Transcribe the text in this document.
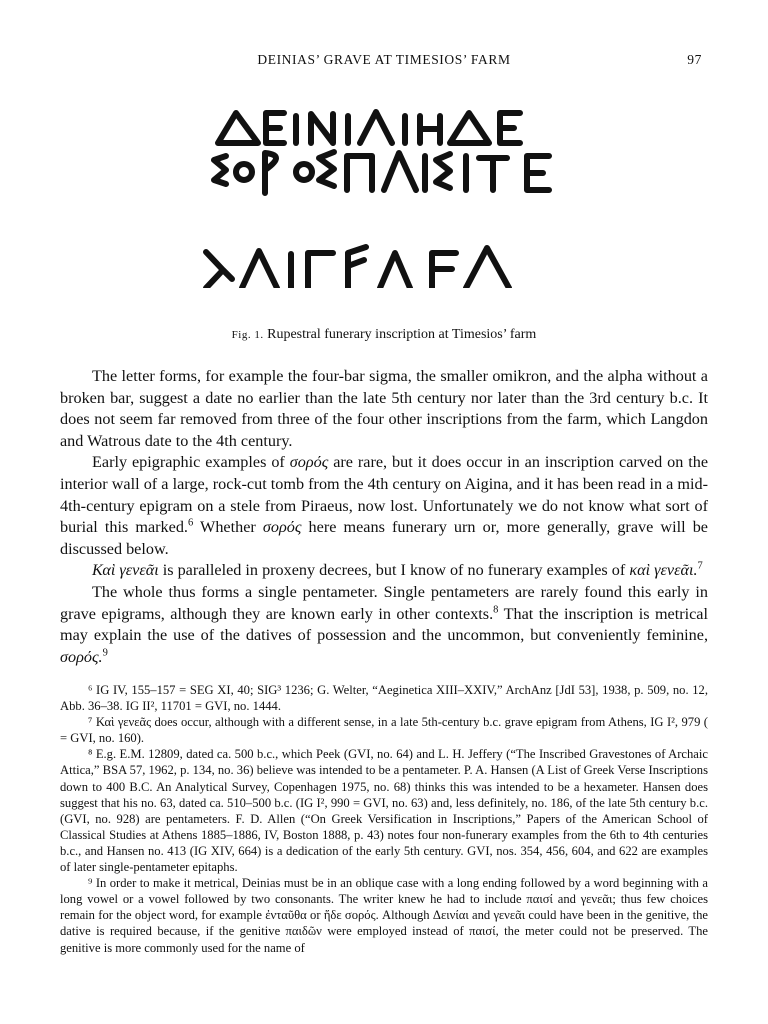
DEINIAS’ GRAVE AT TIMESIOS’ FARM	97
Fig. 1. Rupestral funerary inscription at Timesios’ farm

The letter forms, for example the four-bar sigma, the smaller omikron, and the alpha without a broken bar, suggest a date no earlier than the late 5th century nor later than the 3rd century b.c. It does not seem far removed from three of the four other inscriptions from the farm, which Langdon and Watrous date to the 4th century.

Early epigraphic examples of σορός are rare, but it does occur in an inscription carved on the interior wall of a large, rock-cut tomb from the 4th century on Aigina, and it has been read in a mid-4th-century epigram on a stele from Piraeus, now lost. Unfortunately we do not know what sort of burial this marked.$^6$ Whether σορός here means funerary urn or, more generally, grave will be discussed below.

Καὶ γενεᾶι is paralleled in proxeny decrees, but I know of no funerary examples of καὶ γενεᾶι.$^7$

The whole thus forms a single pentameter. Single pentameters are rarely found this early in grave epigrams, although they are known early in other contexts.$^8$ That the inscription is metrical may explain the use of the datives of possession and the uncommon, but conveniently feminine, σορός.$^9$

⁶ IG IV, 155–157 = SEG XI, 40; SIG³ 1236; G. Welter, “Aeginetica XIII–XXIV,” ArchAnz [JdI 53], 1938, p. 509, no. 12, Abb. 36–38. IG II², 11701 = GVI, no. 1444.

⁷ Καὶ γενεᾶς does occur, although with a different sense, in a late 5th-century b.c. grave epigram from Athens, IG I², 979 ( = GVI, no. 160).

⁸ E.g. E.M. 12809, dated ca. 500 b.c., which Peek (GVI, no. 64) and L. H. Jeffery (“The Inscribed Gravestones of Archaic Attica,” BSA 57, 1962, p. 134, no. 36) believe was intended to be a pentameter. P. A. Hansen (A List of Greek Verse Inscriptions down to 400 B.C. An Analytical Survey, Copenhagen 1975, no. 68) thinks this was intended to be a hexameter. Hansen does suggest that his no. 63, dated ca. 510–500 b.c. (IG I², 990 = GVI, no. 63) and, less definitely, no. 186, of the late 5th century b.c. (GVI, no. 928) are pentameters. F. D. Allen (“On Greek Versification in Inscriptions,” Papers of the American School of Classical Studies at Athens 1885–1886, IV, Boston 1888, p. 43) notes four non-funerary examples from the 6th to 4th centuries b.c., and Hansen no. 413 (IG XIV, 664) is a dedication of the early 5th century. GVI, nos. 354, 456, 604, and 622 are examples of later single-pentameter epitaphs.

⁹ In order to make it metrical, Deinias must be in an oblique case with a long ending followed by a word beginning with a long vowel or a vowel followed by two consonants. The writer knew he had to include παισί and γενεᾶι; thus few choices remain for the object word, for example ἐνταῦθα or ἥδε σορός. Although Δεινίαι and γενεᾶι could have been in the genitive, the dative is required because, if the genitive παιδῶν were employed instead of παισί, the meter could not be preserved. The genitive is more commonly used for the name of
